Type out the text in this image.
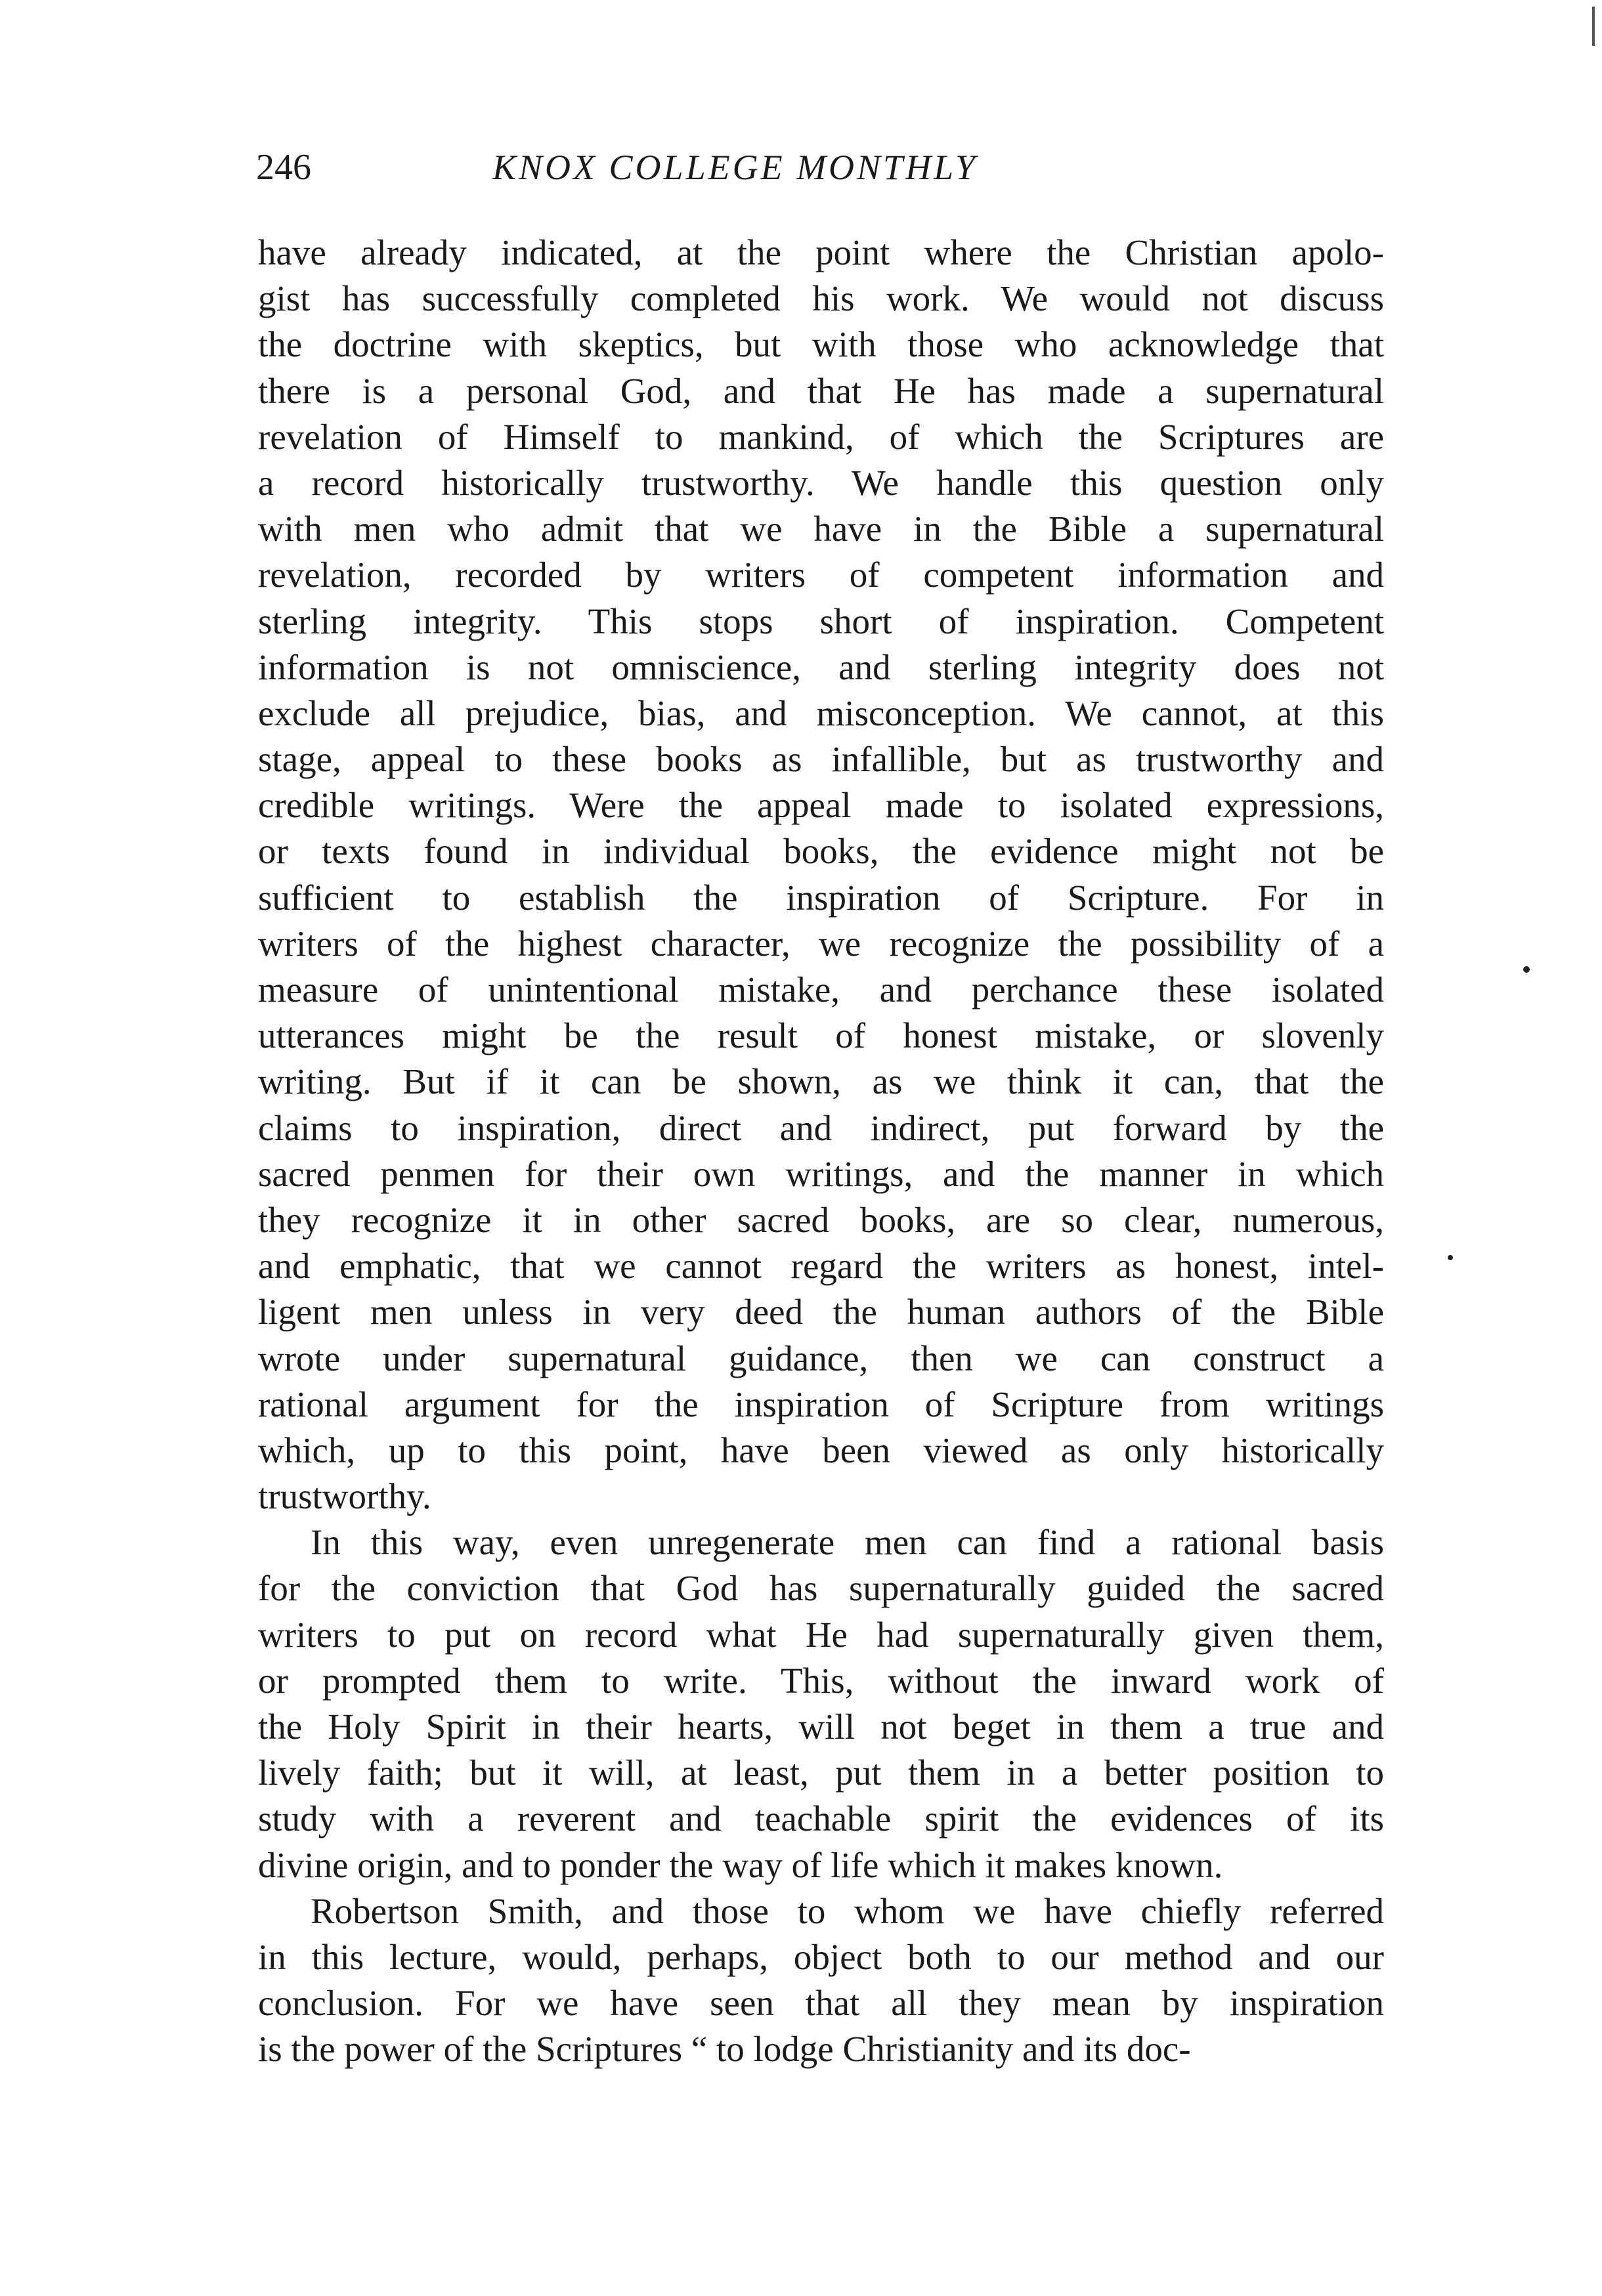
246	KNOX COLLEGE MONTHLY
have already indicated, at the point where the Christian apolo-
gist has successfully completed his work. We would not discuss
the doctrine with skeptics, but with those who acknowledge that
there is a personal God, and that He has made a supernatural
revelation of Himself to mankind, of which the Scriptures are
a record historically trustworthy. We handle this question only
with men who admit that we have in the Bible a supernatural
revelation, recorded by writers of competent information and
sterling integrity. This stops short of inspiration. Competent
information is not omniscience, and sterling integrity does not
exclude all prejudice, bias, and misconception. We cannot, at this
stage, appeal to these books as infallible, but as trustworthy and
credible writings. Were the appeal made to isolated expressions,
or texts found in individual books, the evidence might not be
sufficient to establish the inspiration of Scripture. For in
writers of the highest character, we recognize the possibility of a
measure of unintentional mistake, and perchance these isolated
utterances might be the result of honest mistake, or slovenly
writing. But if it can be shown, as we think it can, that the
claims to inspiration, direct and indirect, put forward by the
sacred penmen for their own writings, and the manner in which
they recognize it in other sacred books, are so clear, numerous,
and emphatic, that we cannot regard the writers as honest, intel-
ligent men unless in very deed the human authors of the Bible
wrote under supernatural guidance, then we can construct a
rational argument for the inspiration of Scripture from writings
which, up to this point, have been viewed as only historically
trustworthy.
In this way, even unregenerate men can find a rational basis
for the conviction that God has supernaturally guided the sacred
writers to put on record what He had supernaturally given them,
or prompted them to write. This, without the inward work of
the Holy Spirit in their hearts, will not beget in them a true and
lively faith; but it will, at least, put them in a better position to
study with a reverent and teachable spirit the evidences of its
divine origin, and to ponder the way of life which it makes known.
Robertson Smith, and those to whom we have chiefly referred
in this lecture, would, perhaps, object both to our method and our
conclusion. For we have seen that all they mean by inspiration
is the power of the Scriptures “ to lodge Christianity and its doc-
